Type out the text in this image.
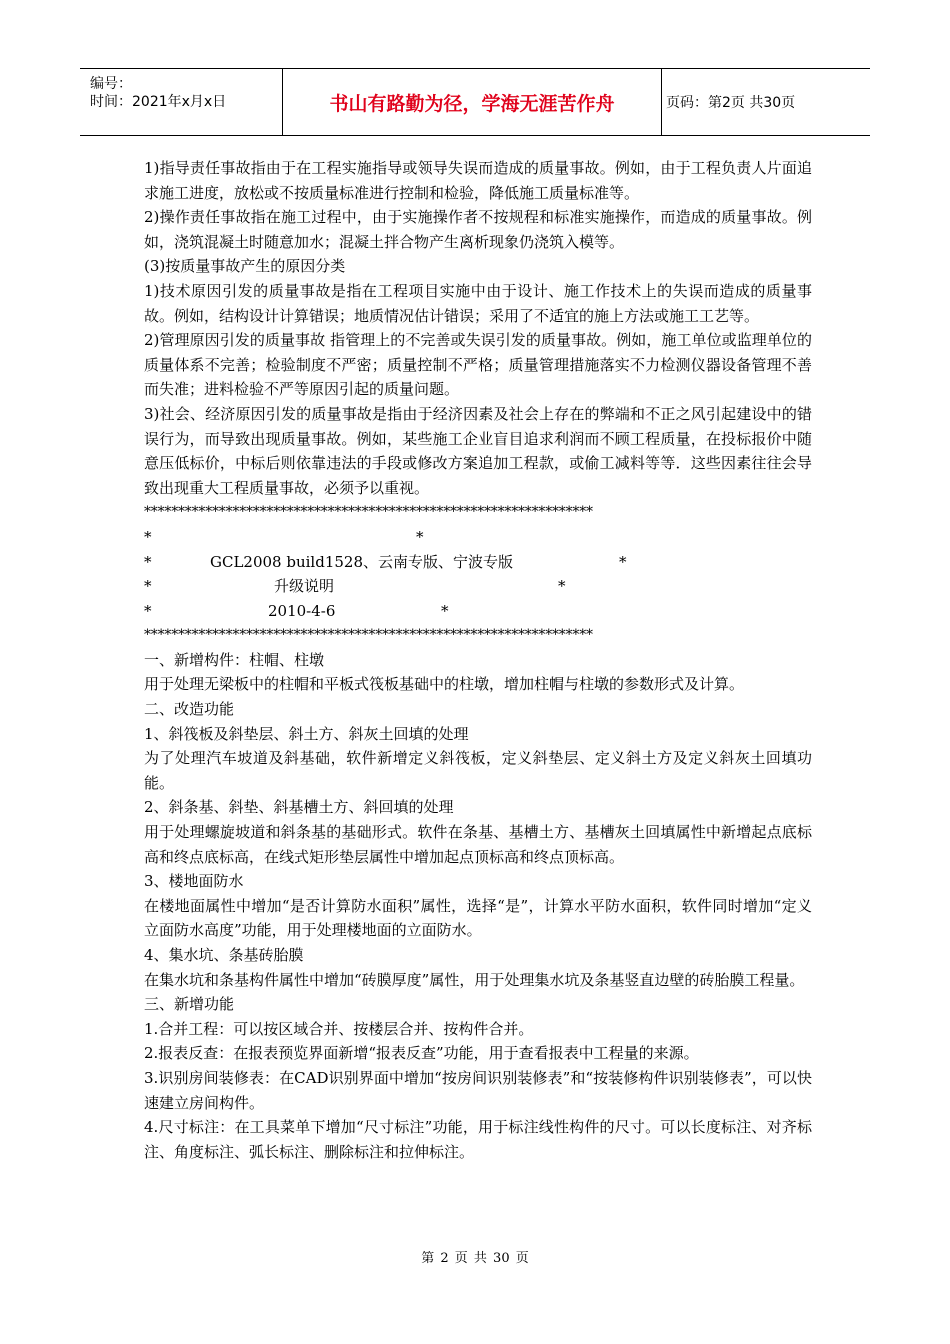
编号：
时间：2021年x月x日	书山有路勤为径，学海无涯苦作舟	页码：第2页 共30页

1)指导责任事故指由于在工程实施指导或领导失误而造成的质量事故。例如，由于工程负责人片面追求施工进度，放松或不按质量标准进行控制和检验，降低施工质量标准等。

2)操作责任事故指在施工过程中，由于实施操作者不按规程和标准实施操作，而造成的质量事故。例如，浇筑混凝土时随意加水；混凝土拌合物产生离析现象仍浇筑入模等。

(3)按质量事故产生的原因分类

1)技术原因引发的质量事故是指在工程项目实施中由于设计、施工作技术上的失误而造成的质量事故。例如，结构设计计算错误；地质情况估计错误；采用了不适宜的施上方法或施工工艺等。

2)管理原因引发的质量事故 指管理上的不完善或失误引发的质量事故。例如，施工单位或监理单位的质量体系不完善；检验制度不严密；质量控制不严格；质量管理措施落实不力检测仪器设备管理不善而失准；进料检验不严等原因引起的质量问题。

3)社会、经济原因引发的质量事故是指由于经济因素及社会上存在的弊端和不正之风引起建设中的错误行为，而导致出现质量事故。例如，某些施工企业盲目追求利润而不顾工程质量，在投标报价中随意压低标价，中标后则依靠违法的手段或修改方案追加工程款，或偷工减料等等．这些因素往往会导致出现重大工程质量事故，必须予以重视。

******************************************************************
*	*
*	GCL2008 build1528、云南专版、宁波专版	*
*	升级说明	*
*	2010-4-6	*
******************************************************************

一、新增构件：柱帽、柱墩

用于处理无梁板中的柱帽和平板式筏板基础中的柱墩，增加柱帽与柱墩的参数形式及计算。

二、改造功能

1、斜筏板及斜垫层、斜土方、斜灰土回填的处理

为了处理汽车坡道及斜基础，软件新增定义斜筏板，定义斜垫层、定义斜土方及定义斜灰土回填功能。

2、斜条基、斜垫、斜基槽土方、斜回填的处理

用于处理螺旋坡道和斜条基的基础形式。软件在条基、基槽土方、基槽灰土回填属性中新增起点底标高和终点底标高，在线式矩形垫层属性中增加起点顶标高和终点顶标高。

3、楼地面防水

在楼地面属性中增加“是否计算防水面积”属性，选择“是”，计算水平防水面积，软件同时增加“定义立面防水高度”功能，用于处理楼地面的立面防水。

4、集水坑、条基砖胎膜

在集水坑和条基构件属性中增加“砖膜厚度”属性，用于处理集水坑及条基竖直边壁的砖胎膜工程量。

三、新增功能

1.合并工程：可以按区域合并、按楼层合并、按构件合并。

2.报表反查：在报表预览界面新增“报表反查”功能，用于查看报表中工程量的来源。

3.识别房间装修表：在CAD识别界面中增加“按房间识别装修表”和“按装修构件识别装修表”，可以快速建立房间构件。

4.尺寸标注：在工具菜单下增加“尺寸标注”功能，用于标注线性构件的尺寸。可以长度标注、对齐标注、角度标注、弧长标注、删除标注和拉伸标注。

第 2 页 共 30 页
